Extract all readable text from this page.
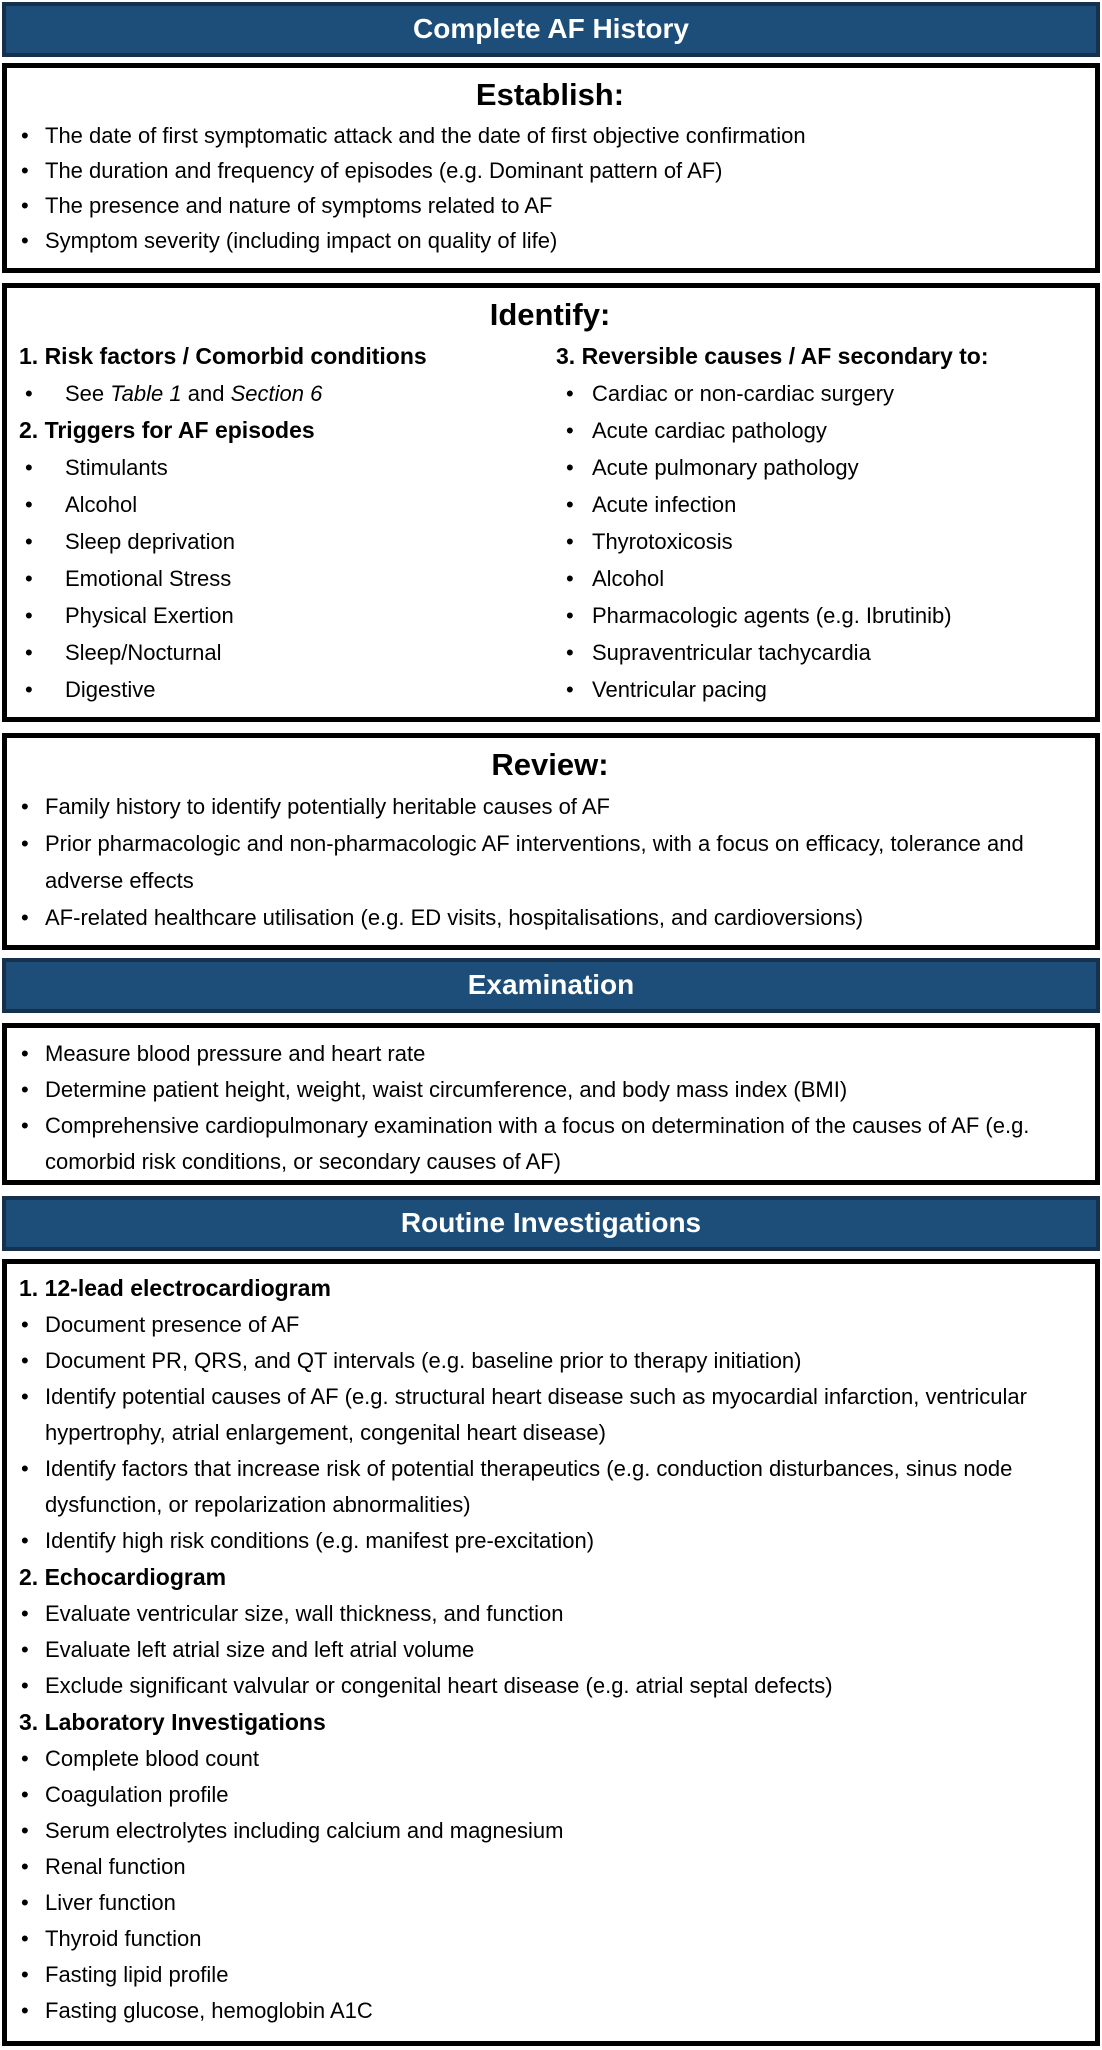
Complete AF History
Establish:
• The date of first symptomatic attack and the date of first objective confirmation
• The duration and frequency of episodes (e.g. Dominant pattern of AF)
• The presence and nature of symptoms related to AF
• Symptom severity (including impact on quality of life)
Identify:
1. Risk factors / Comorbid conditions
•	See Table 1 and Section 6
2. Triggers for AF episodes
•	Stimulants
•	Alcohol
•	Sleep deprivation
•	Emotional Stress
•	Physical Exertion
•	Sleep/Nocturnal
•	Digestive
3. Reversible causes / AF secondary to:
• Cardiac or non-cardiac surgery
• Acute cardiac pathology
• Acute pulmonary pathology
• Acute infection
• Thyrotoxicosis
• Alcohol
• Pharmacologic agents (e.g. Ibrutinib)
• Supraventricular tachycardia
• Ventricular pacing
Review:
• Family history to identify potentially heritable causes of AF
• Prior pharmacologic and non-pharmacologic AF interventions, with a focus on efficacy, tolerance and adverse effects
• AF-related healthcare utilisation (e.g. ED visits, hospitalisations, and cardioversions)
Examination
• Measure blood pressure and heart rate
• Determine patient height, weight, waist circumference, and body mass index (BMI)
• Comprehensive cardiopulmonary examination with a focus on determination of the causes of AF (e.g. comorbid risk conditions, or secondary causes of AF)
Routine Investigations
1. 12-lead electrocardiogram
• Document presence of AF
• Document PR, QRS, and QT intervals (e.g. baseline prior to therapy initiation)
• Identify potential causes of AF (e.g. structural heart disease such as myocardial infarction, ventricular hypertrophy, atrial enlargement, congenital heart disease)
• Identify factors that increase risk of potential therapeutics (e.g. conduction disturbances, sinus node dysfunction, or repolarization abnormalities)
• Identify high risk conditions (e.g. manifest pre-excitation)
2. Echocardiogram
• Evaluate ventricular size, wall thickness, and function
• Evaluate left atrial size and left atrial volume
• Exclude significant valvular or congenital heart disease (e.g. atrial septal defects)
3. Laboratory Investigations
• Complete blood count
• Coagulation profile
• Serum electrolytes including calcium and magnesium
• Renal function
• Liver function
• Thyroid function
• Fasting lipid profile
• Fasting glucose, hemoglobin A1C
